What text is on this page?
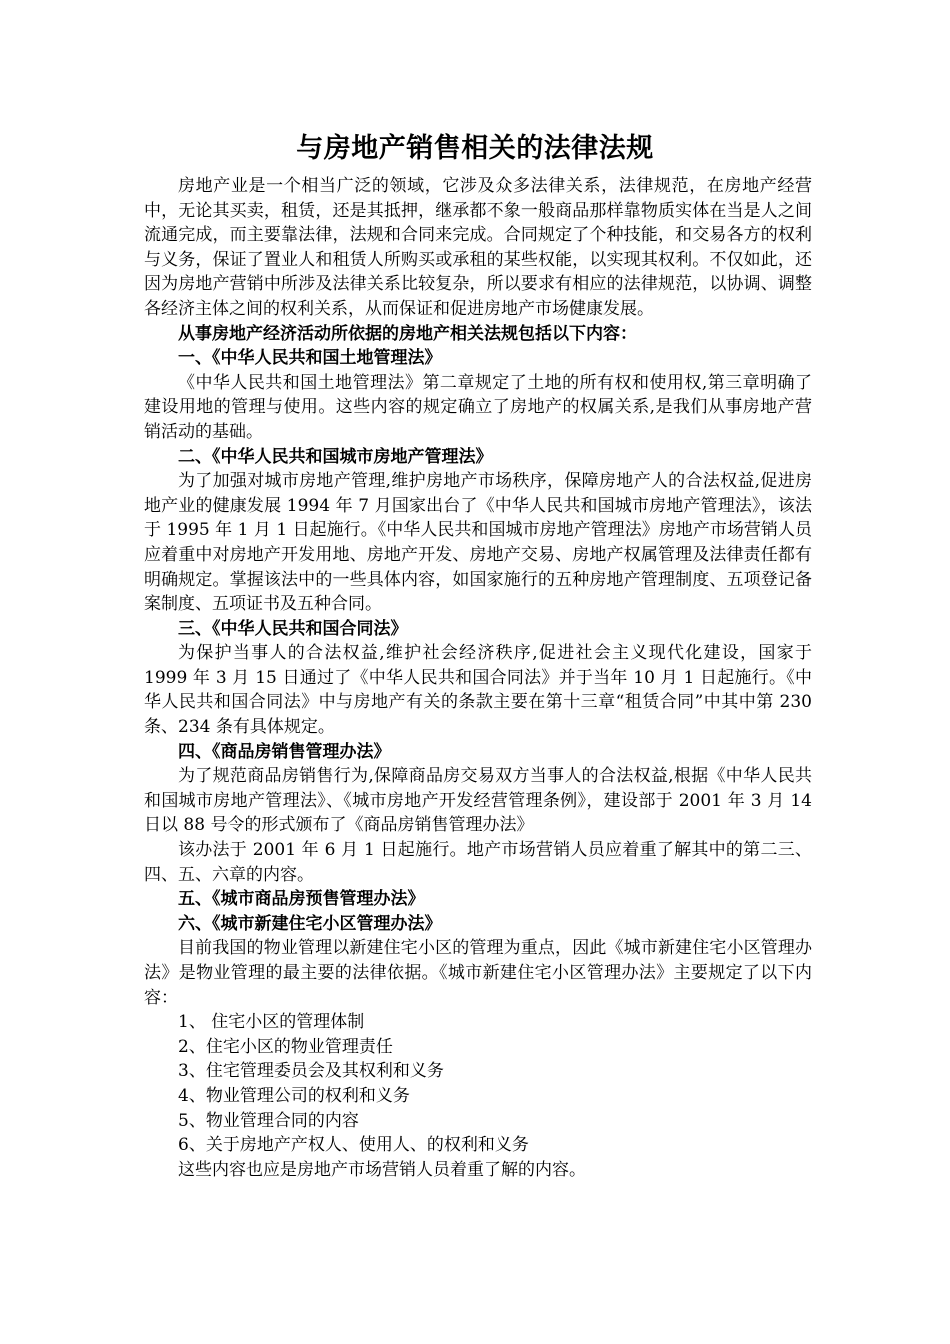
与房地产销售相关的法律法规

房地产业是一个相当广泛的领域，它涉及众多法律关系，法律规范，在房地产经营中，无论其买卖，租赁，还是其抵押，继承都不象一般商品那样靠物质实体在当是人之间流通完成，而主要靠法律，法规和合同来完成。合同规定了个种技能，和交易各方的权利与义务，保证了置业人和租赁人所购买或承租的某些权能，以实现其权利。不仅如此，还因为房地产营销中所涉及法律关系比较复杂，所以要求有相应的法律规范，以协调、调整各经济主体之间的权利关系，从而保证和促进房地产市场健康发展。

从事房地产经济活动所依据的房地产相关法规包括以下内容：

一、《中华人民共和国土地管理法》

《中华人民共和国土地管理法》第二章规定了土地的所有权和使用权,第三章明确了建设用地的管理与使用。这些内容的规定确立了房地产的权属关系,是我们从事房地产营销活动的基础。

二、《中华人民共和国城市房地产管理法》

为了加强对城市房地产管理,维护房地产市场秩序，保障房地产人的合法权益,促进房地产业的健康发展 1994 年 7 月国家出台了《中华人民共和国城市房地产管理法》，该法于 1995 年 1 月 1 日起施行。《中华人民共和国城市房地产管理法》房地产市场营销人员应着重中对房地产开发用地、房地产开发、房地产交易、房地产权属管理及法律责任都有明确规定。掌握该法中的一些具体内容，如国家施行的五种房地产管理制度、五项登记备案制度、五项证书及五种合同。

三、《中华人民共和国合同法》

为保护当事人的合法权益,维护社会经济秩序,促进社会主义现代化建设，国家于 1999 年 3 月 15 日通过了《中华人民共和国合同法》并于当年 10 月 1 日起施行。《中华人民共和国合同法》中与房地产有关的条款主要在第十三章“租赁合同”中其中第 230 条、234 条有具体规定。

四、《商品房销售管理办法》

为了规范商品房销售行为,保障商品房交易双方当事人的合法权益,根据《中华人民共和国城市房地产管理法》、《城市房地产开发经营管理条例》，建设部于 2001 年 3 月 14 日以 88 号令的形式颁布了《商品房销售管理办法》

该办法于 2001 年 6 月 1 日起施行。地产市场营销人员应着重了解其中的第二三、四、五、六章的内容。

五、《城市商品房预售管理办法》

六、《城市新建住宅小区管理办法》

目前我国的物业管理以新建住宅小区的管理为重点，因此《城市新建住宅小区管理办法》是物业管理的最主要的法律依据。《城市新建住宅小区管理办法》主要规定了以下内容：

1、 住宅小区的管理体制

2、住宅小区的物业管理责任

3、住宅管理委员会及其权利和义务

4、物业管理公司的权利和义务

5、物业管理合同的内容

6、关于房地产产权人、使用人、的权利和义务

这些内容也应是房地产市场营销人员着重了解的内容。
